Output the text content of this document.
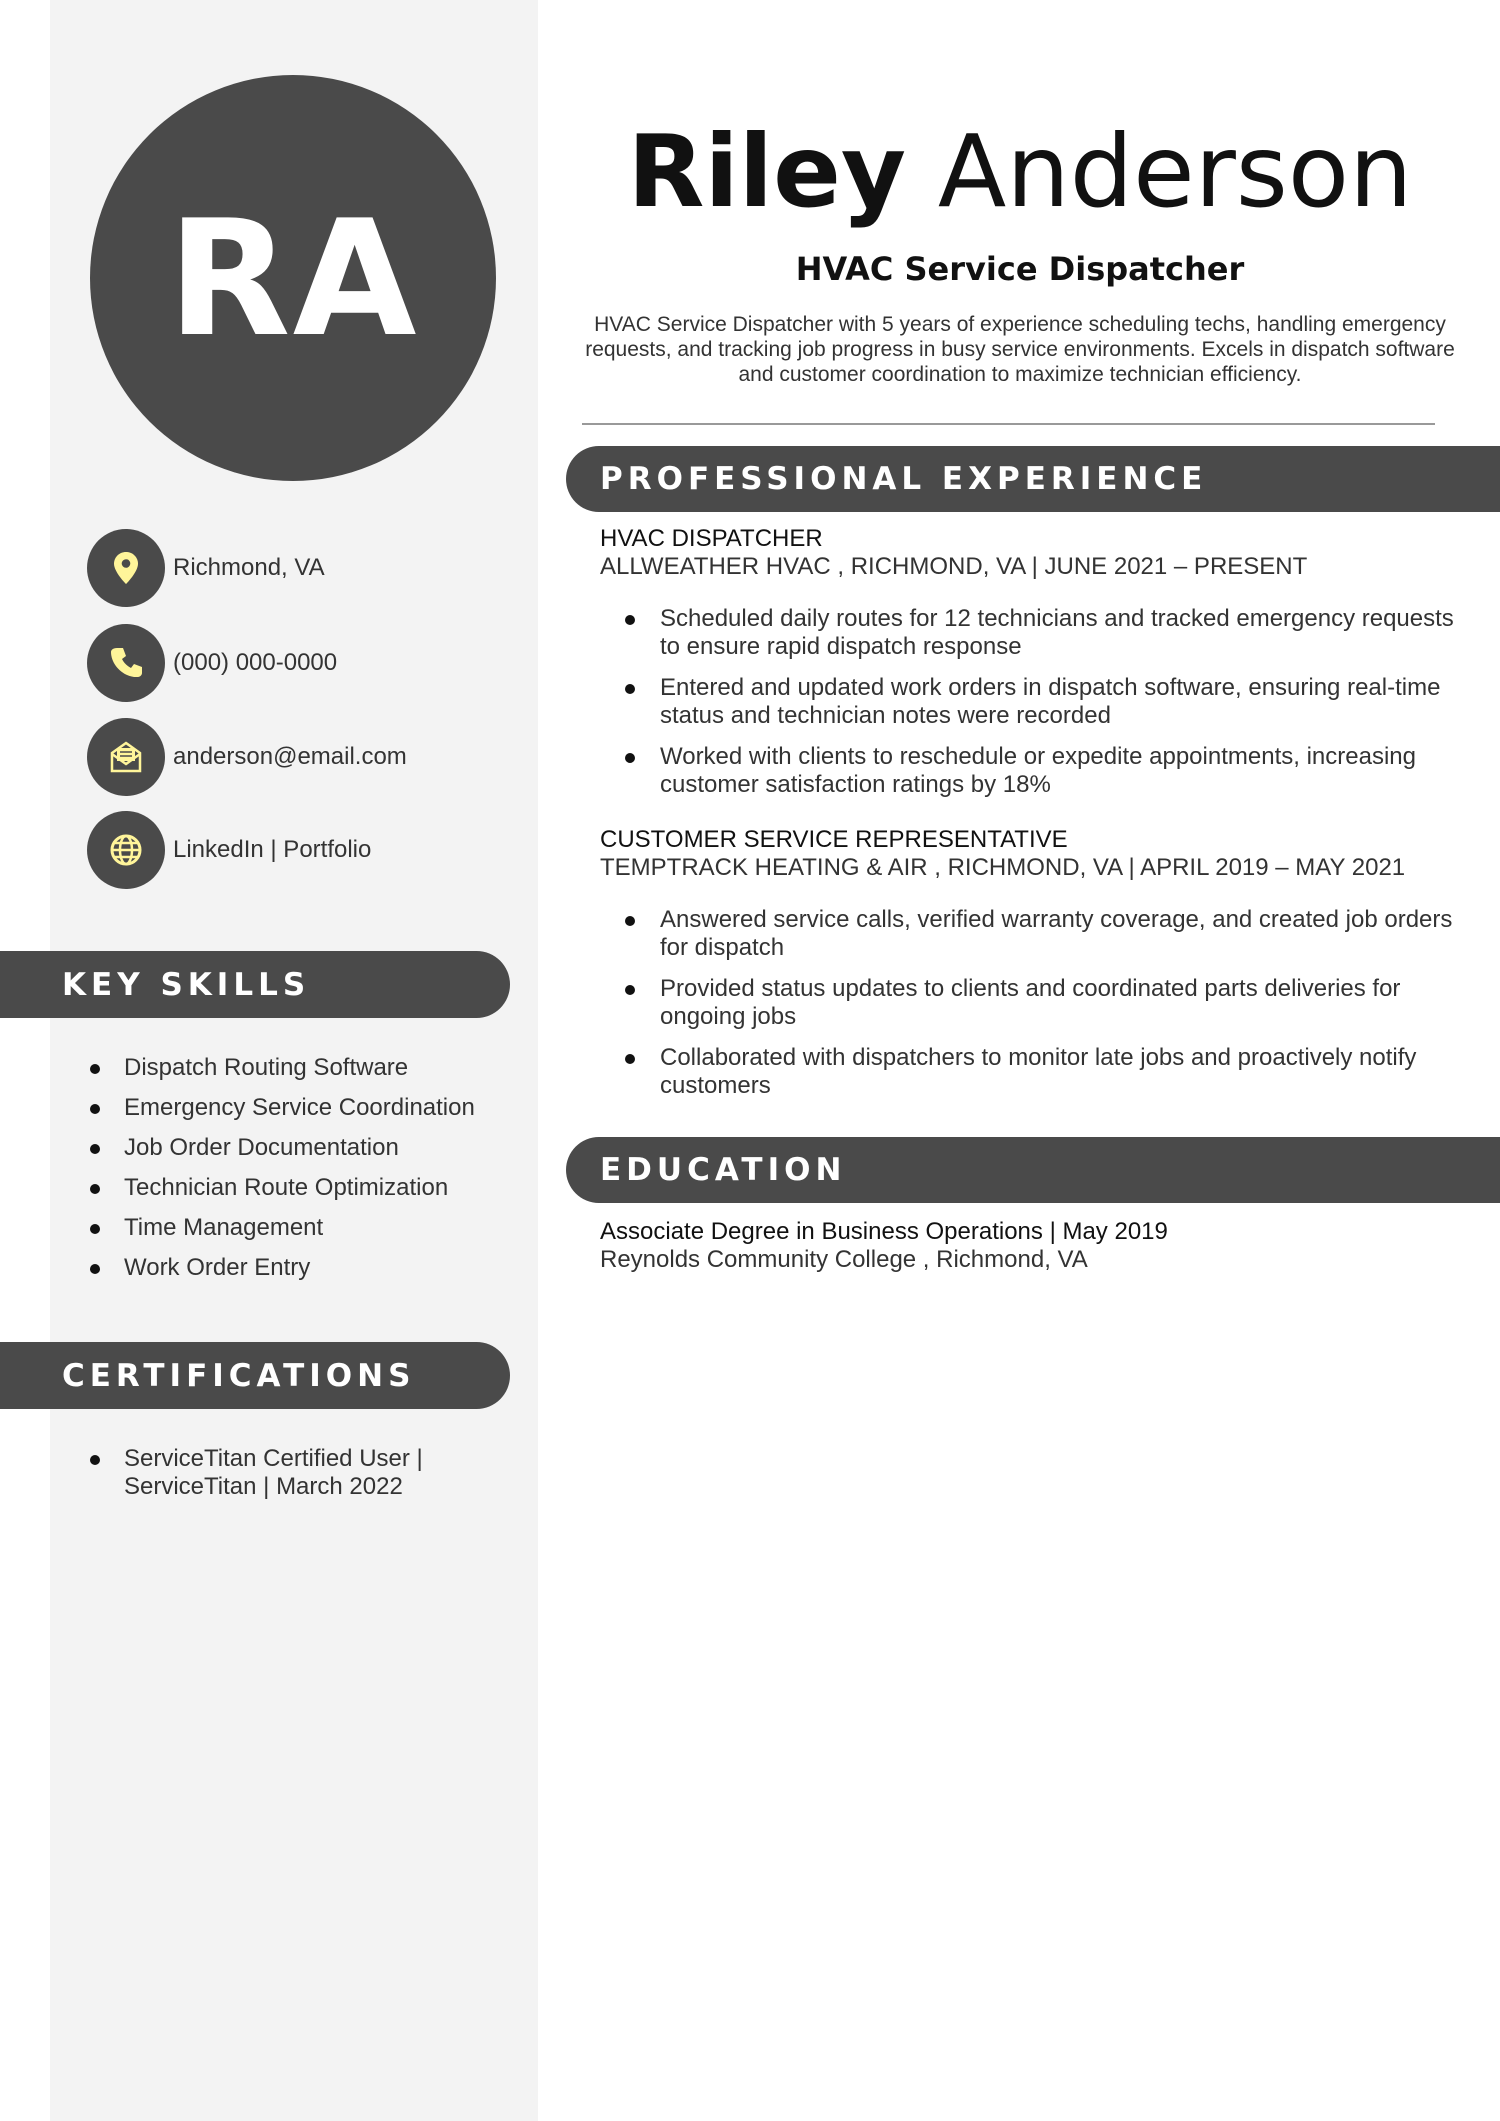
RA
Richmond, VA
(000) 000-0000
anderson@email.com
LinkedIn | Portfolio
KEY SKILLS
Dispatch Routing Software
Emergency Service Coordination
Job Order Documentation
Technician Route Optimization
Time Management
Work Order Entry
CERTIFICATIONS
ServiceTitan Certified User | ServiceTitan | March 2022
Riley Anderson
HVAC Service Dispatcher
HVAC Service Dispatcher with 5 years of experience scheduling techs, handling emergency requests, and tracking job progress in busy service environments. Excels in dispatch software and customer coordination to maximize technician efficiency.
PROFESSIONAL EXPERIENCE
HVAC DISPATCHER
ALLWEATHER HVAC , RICHMOND, VA | JUNE 2021 – PRESENT
Scheduled daily routes for 12 technicians and tracked emergency requests to ensure rapid dispatch response
Entered and updated work orders in dispatch software, ensuring real-time status and technician notes were recorded
Worked with clients to reschedule or expedite appointments, increasing customer satisfaction ratings by 18%
CUSTOMER SERVICE REPRESENTATIVE
TEMPTRACK HEATING & AIR , RICHMOND, VA | APRIL 2019 – MAY 2021
Answered service calls, verified warranty coverage, and created job orders for dispatch
Provided status updates to clients and coordinated parts deliveries for ongoing jobs
Collaborated with dispatchers to monitor late jobs and proactively notify customers
EDUCATION
Associate Degree in Business Operations | May 2019
Reynolds Community College , Richmond, VA
